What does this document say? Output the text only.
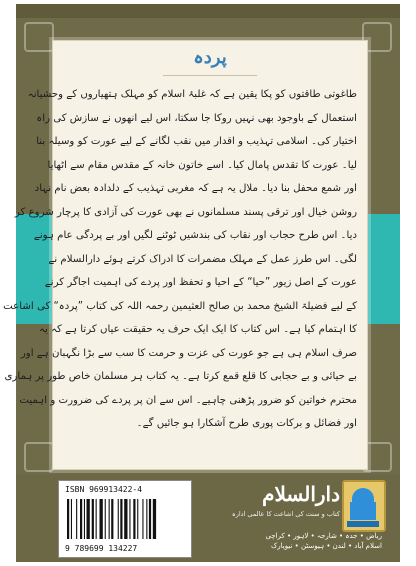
پردہ
طاغوتی طاقتوں کو پکا یقین ہے کہ غلبۂ اسلام کو مہلک ہتھیاروں کے وحشیانہ
استعمال کے باوجود بھی نہیں روکا جا سکتا، اس لیے انھوں نے سازش کی راہ
اختیار کی۔ اسلامی تہذیب و اقدار میں نقب لگانے کے لیے عورت کو وسیلہ بنا
لیا۔ عورت کا تقدس پامال کیا۔ اسے خاتون خانہ کے مقدس مقام سے اٹھایا
اور شمع محفل بنا دیا۔ ملال یہ ہے کہ مغربی تہذیب کے دلدادہ بعض نام نہاد
روشن خیال اور ترقی پسند مسلمانوں نے بھی عورت کی آزادی کا پرچار شروع کر
دیا۔ اس طرح حجاب اور نقاب کی بندشیں ٹوٹنے لگیں اور بے پردگی عام ہونے
لگی۔ اس طرز عمل کے مہلک مضمرات کا ادراک کرتے ہوئے دارالسلام نے
عورت کے اصل زیور ”حیا“ کے احیا و تحفظ اور پردے کی اہمیت اجاگر کرنے
کے لیے فضیلۃ الشیخ محمد بن صالح العثیمین رحمہ اللہ کی کتاب ”پردہ“ کی اشاعت
کا اہتمام کیا ہے۔ اس کتاب کا ایک ایک حرف یہ حقیقت عیاں کرتا ہے کہ یہ
صرف اسلام ہی ہے جو عورت کی عزت و حرمت کا سب سے بڑا نگہبان ہے اور
بے حیائی و بے حجابی کا قلع قمع کرتا ہے۔ یہ کتاب ہر مسلمان خاص طور پر ہماری
محترم خواتین کو ضرور پڑھنی چاہیے۔ اس سے ان پر پردے کی ضرورت و اہمیت
اور فضائل و برکات پوری طرح آشکارا ہو جائیں گے۔
ISBN 969913422-4
9 789699 134227
دارالسلام
کتاب و سنت کی اشاعت کا عالمی ادارہ
ریاض • جدہ • شارجہ • لاہور • کراچی
اسلام آباد • لندن • ہیوسٹن • نیویارک
